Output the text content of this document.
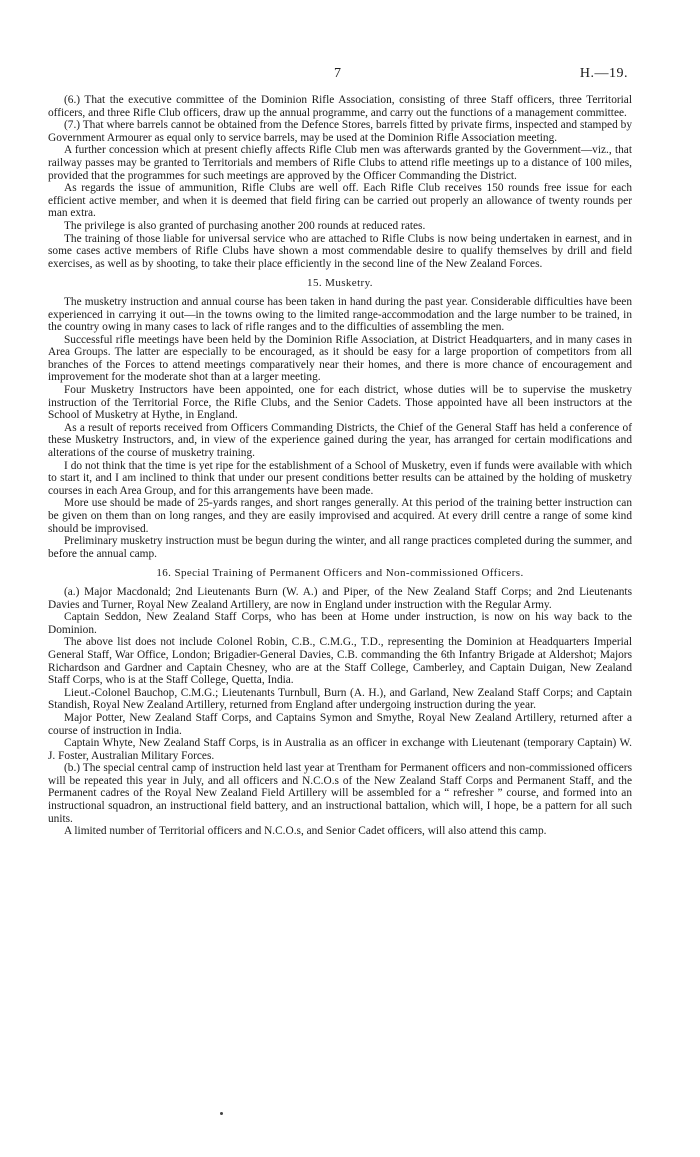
7	H.—19.

(6.) That the executive committee of the Dominion Rifle Association, consisting of three Staff officers, three Territorial officers, and three Rifle Club officers, draw up the annual programme, and carry out the functions of a management committee.

(7.) That where barrels cannot be obtained from the Defence Stores, barrels fitted by private firms, inspected and stamped by Government Armourer as equal only to service barrels, may be used at the Dominion Rifle Association meeting.

A further concession which at present chiefly affects Rifle Club men was afterwards granted by the Government—viz., that railway passes may be granted to Territorials and members of Rifle Clubs to attend rifle meetings up to a distance of 100 miles, provided that the programmes for such meetings are approved by the Officer Commanding the District.

As regards the issue of ammunition, Rifle Clubs are well off. Each Rifle Club receives 150 rounds free issue for each efficient active member, and when it is deemed that field firing can be carried out properly an allowance of twenty rounds per man extra.

The privilege is also granted of purchasing another 200 rounds at reduced rates.

The training of those liable for universal service who are attached to Rifle Clubs is now being undertaken in earnest, and in some cases active members of Rifle Clubs have shown a most commendable desire to qualify themselves by drill and field exercises, as well as by shooting, to take their place efficiently in the second line of the New Zealand Forces.

15. Musketry.

The musketry instruction and annual course has been taken in hand during the past year. Considerable difficulties have been experienced in carrying it out—in the towns owing to the limited range-accommodation and the large number to be trained, in the country owing in many cases to lack of rifle ranges and to the difficulties of assembling the men.

Successful rifle meetings have been held by the Dominion Rifle Association, at District Headquarters, and in many cases in Area Groups. The latter are especially to be encouraged, as it should be easy for a large proportion of competitors from all branches of the Forces to attend meetings comparatively near their homes, and there is more chance of encouragement and improvement for the moderate shot than at a larger meeting.

Four Musketry Instructors have been appointed, one for each district, whose duties will be to supervise the musketry instruction of the Territorial Force, the Rifle Clubs, and the Senior Cadets. Those appointed have all been instructors at the School of Musketry at Hythe, in England.

As a result of reports received from Officers Commanding Districts, the Chief of the General Staff has held a conference of these Musketry Instructors, and, in view of the experience gained during the year, has arranged for certain modifications and alterations of the course of musketry training.

I do not think that the time is yet ripe for the establishment of a School of Musketry, even if funds were available with which to start it, and I am inclined to think that under our present conditions better results can be attained by the holding of musketry courses in each Area Group, and for this arrangements have been made.

More use should be made of 25-yards ranges, and short ranges generally. At this period of the training better instruction can be given on them than on long ranges, and they are easily improvised and acquired. At every drill centre a range of some kind should be improvised.

Preliminary musketry instruction must be begun during the winter, and all range practices completed during the summer, and before the annual camp.

16. Special Training of Permanent Officers and Non-commissioned Officers.

(a.) Major Macdonald; 2nd Lieutenants Burn (W. A.) and Piper, of the New Zealand Staff Corps; and 2nd Lieutenants Davies and Turner, Royal New Zealand Artillery, are now in England under instruction with the Regular Army.

Captain Seddon, New Zealand Staff Corps, who has been at Home under instruction, is now on his way back to the Dominion.

The above list does not include Colonel Robin, C.B., C.M.G., T.D., representing the Dominion at Headquarters Imperial General Staff, War Office, London; Brigadier-General Davies, C.B. commanding the 6th Infantry Brigade at Aldershot; Majors Richardson and Gardner and Captain Chesney, who are at the Staff College, Camberley, and Captain Duigan, New Zealand Staff Corps, who is at the Staff College, Quetta, India.

Lieut.-Colonel Bauchop, C.M.G.; Lieutenants Turnbull, Burn (A. H.), and Garland, New Zealand Staff Corps; and Captain Standish, Royal New Zealand Artillery, returned from England after undergoing instruction during the year.

Major Potter, New Zealand Staff Corps, and Captains Symon and Smythe, Royal New Zealand Artillery, returned after a course of instruction in India.

Captain Whyte, New Zealand Staff Corps, is in Australia as an officer in exchange with Lieutenant (temporary Captain) W. J. Foster, Australian Military Forces.

(b.) The special central camp of instruction held last year at Trentham for Permanent officers and non-commissioned officers will be repeated this year in July, and all officers and N.C.O.s of the New Zealand Staff Corps and Permanent Staff, and the Permanent cadres of the Royal New Zealand Field Artillery will be assembled for a “ refresher ” course, and formed into an instructional squadron, an instructional field battery, and an instructional battalion, which will, I hope, be a pattern for all such units.

A limited number of Territorial officers and N.C.O.s, and Senior Cadet officers, will also attend this camp.
